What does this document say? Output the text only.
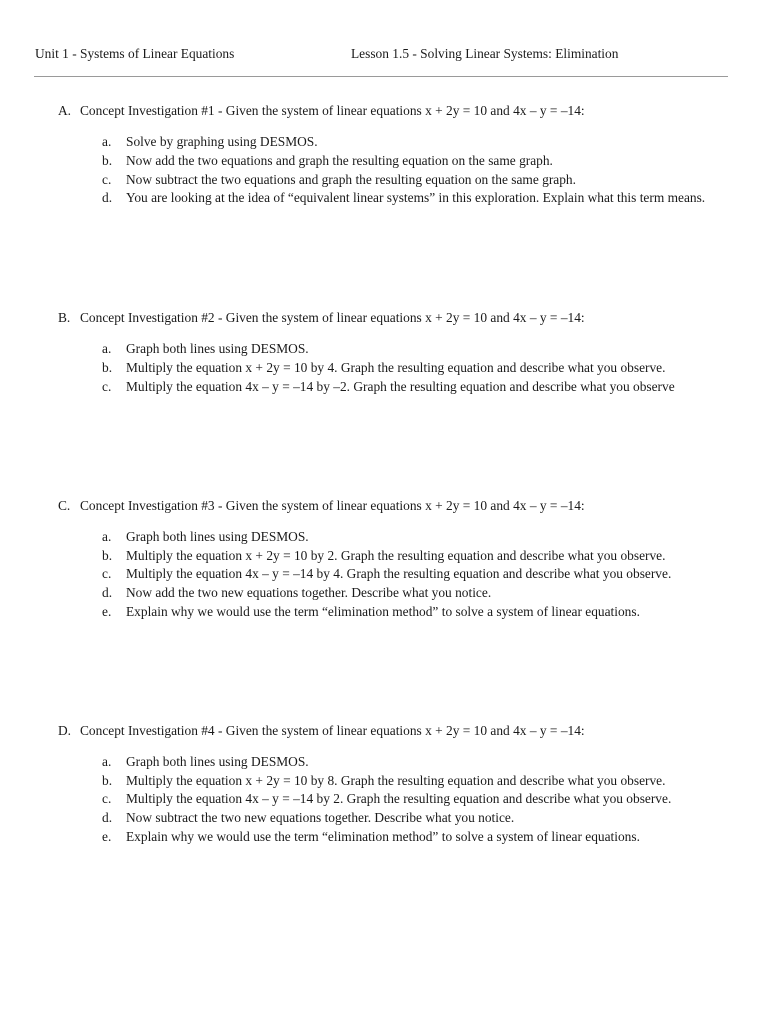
Unit 1 - Systems of Linear Equations	Lesson 1.5 - Solving Linear Systems: Elimination
A. Concept Investigation #1 - Given the system of linear equations x + 2y = 10 and 4x – y = –14:
a. Solve by graphing using DESMOS.
b. Now add the two equations and graph the resulting equation on the same graph.
c. Now subtract the two equations and graph the resulting equation on the same graph.
d. You are looking at the idea of “equivalent linear systems” in this exploration. Explain what this term means.
B. Concept Investigation #2 - Given the system of linear equations x + 2y = 10 and 4x – y = –14:
a. Graph both lines using DESMOS.
b. Multiply the equation x + 2y = 10 by 4. Graph the resulting equation and describe what you observe.
c. Multiply the equation 4x – y = –14 by –2. Graph the resulting equation and describe what you observe
C. Concept Investigation #3 - Given the system of linear equations x + 2y = 10 and 4x – y = –14:
a. Graph both lines using DESMOS.
b. Multiply the equation x + 2y = 10 by 2. Graph the resulting equation and describe what you observe.
c. Multiply the equation 4x – y = –14 by 4. Graph the resulting equation and describe what you observe.
d. Now add the two new equations together. Describe what you notice.
e. Explain why we would use the term “elimination method” to solve a system of linear equations.
D. Concept Investigation #4 - Given the system of linear equations x + 2y = 10 and 4x – y = –14:
a. Graph both lines using DESMOS.
b. Multiply the equation x + 2y = 10 by 8. Graph the resulting equation and describe what you observe.
c. Multiply the equation 4x – y = –14 by 2. Graph the resulting equation and describe what you observe.
d. Now subtract the two new equations together. Describe what you notice.
e. Explain why we would use the term “elimination method” to solve a system of linear equations.
